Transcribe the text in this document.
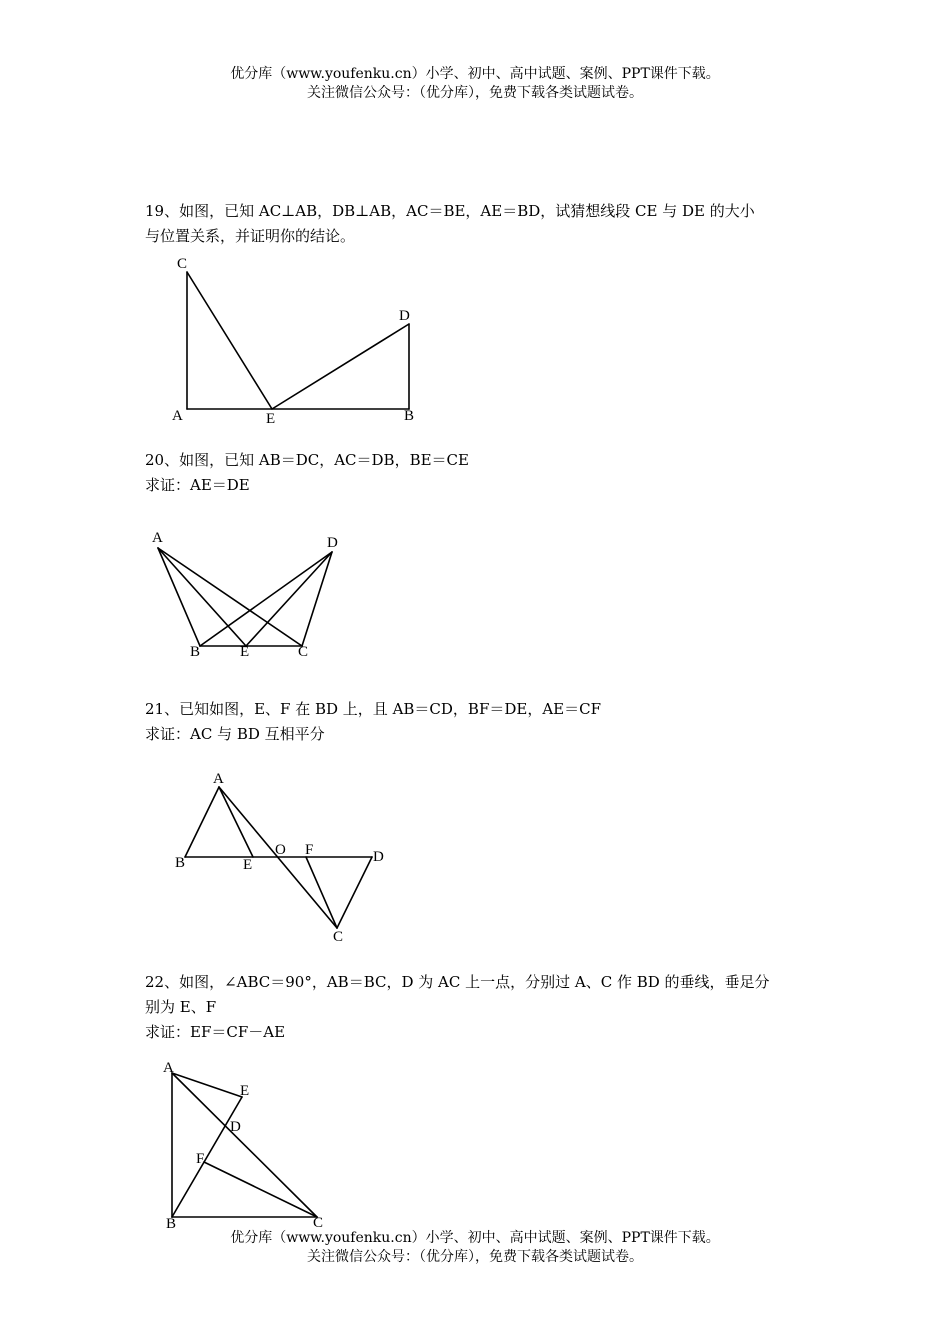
优分库（www.youfenku.cn）小学、初中、高中试题、案例、PPT课件下载。
关注微信公众号：（优分库），免费下载各类试题试卷。
19、如图，已知 AC⊥AB，DB⊥AB，AC＝BE，AE＝BD，试猜想线段 CE 与 DE 的大小
与位置关系，并证明你的结论。
C
D
A	E	B
20、如图，已知 AB＝DC，AC＝DB，BE＝CE
求证：AE＝DE
A	D
B	E	C
21、已知如图，E、F 在 BD 上，且 AB＝CD，BF＝DE，AE＝CF
求证：AC 与 BD 互相平分
A
B	E
O F	D
C
22、如图，∠ABC＝90°，AB＝BC，D 为 AC 上一点，分别过 A、C 作 BD 的垂线，垂足分
别为 E、F
求证：EF＝CF－AE
A
E
D
F
B	C
优分库（www.youfenku.cn）小学、初中、高中试题、案例、PPT课件下载。
关注微信公众号：（优分库），免费下载各类试题试卷。
